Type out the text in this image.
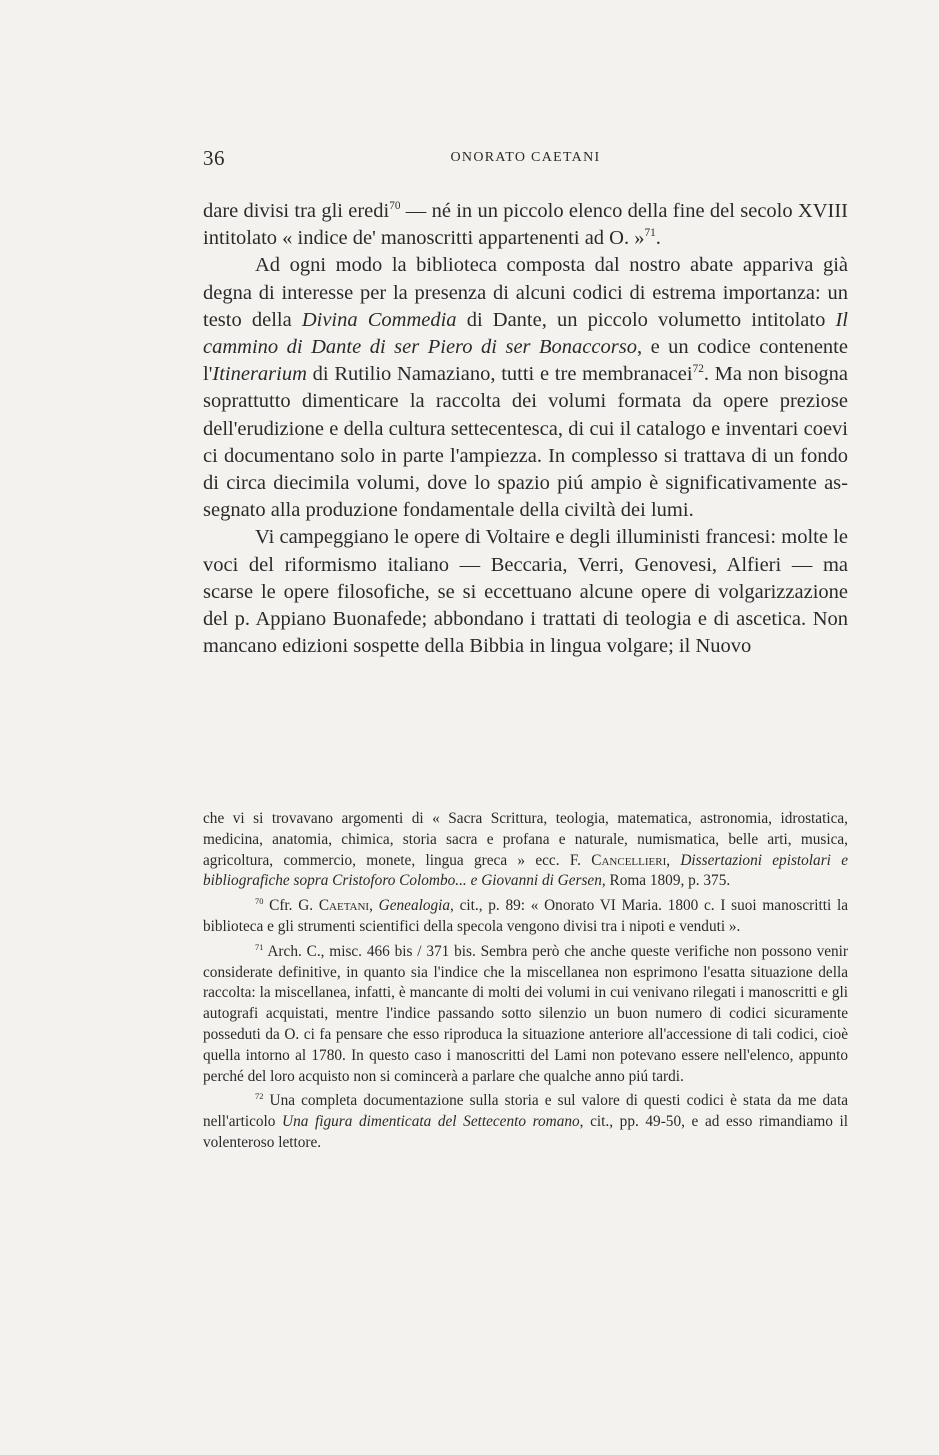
36	ONORATO CAETANI

dare divisi tra gli eredi$^{70}$ — né in un piccolo elenco della fine del secolo XVIII intitolato « indice de' manoscritti appartenenti ad O. »$^{71}$.

Ad ogni modo la biblioteca composta dal nostro abate appariva già degna di interesse per la presenza di alcuni codici di estrema importanza: un testo della Divina Commedia di Dante, un piccolo volumetto intitolato Il cammino di Dante di ser Piero di ser Bonaccorso, e un codice contenente l'Itinerarium di Rutilio Namaziano, tutti e tre membranacei$^{72}$. Ma non bisogna soprattutto dimenticare la raccolta dei volumi formata da opere preziose dell'erudizione e della cultura settecentesca, di cui il catalogo e inventari coevi ci documentano solo in parte l'ampiezza. In complesso si trattava di un fondo di circa diecimila volumi, dove lo spazio piú ampio è significativamente assegnato alla produzione fondamentale della civiltà dei lumi.

Vi campeggiano le opere di Voltaire e degli illuministi francesi: molte le voci del riformismo italiano — Beccaria, Verri, Genovesi, Alfieri — ma scarse le opere filosofiche, se si eccettuano alcune opere di volgarizzazione del p. Appiano Buonafede; abbondano i trattati di teologia e di ascetica. Non mancano edizioni sospette della Bibbia in lingua volgare; il Nuovo

che vi si trovavano argomenti di « Sacra Scrittura, teologia, matematica, astronomia, idrostatica, medicina, anatomia, chimica, storia sacra e profana e naturale, numismatica, belle arti, musica, agricoltura, commercio, monete, lingua greca » ecc. F. Cancellieri, Dissertazioni epistolari e bibliografiche sopra Cristoforo Colombo... e Giovanni di Gersen, Roma 1809, p. 375.

$^{70}$ Cfr. G. Caetani, Genealogia, cit., p. 89: « Onorato VI Maria. 1800 c. I suoi manoscritti la biblioteca e gli strumenti scientifici della specola vengono divisi tra i nipoti e venduti ».

$^{71}$ Arch. C., misc. 466 bis / 371 bis. Sembra però che anche queste verifiche non possono venir considerate definitive, in quanto sia l'indice che la miscellanea non esprimono l'esatta situazione della raccolta: la miscellanea, infatti, è mancante di molti dei volumi in cui venivano rilegati i manoscritti e gli autografi acquistati, mentre l'indice passando sotto silenzio un buon numero di codici sicuramente posseduti da O. ci fa pensare che esso riproduca la situazione anteriore all'accessione di tali codici, cioè quella intorno al 1780. In questo caso i manoscritti del Lami non potevano essere nell'elenco, appunto perché del loro acquisto non si comincerà a parlare che qualche anno piú tardi.

$^{72}$ Una completa documentazione sulla storia e sul valore di questi codici è stata da me data nell'articolo Una figura dimenticata del Settecento romano, cit., pp. 49-50, e ad esso rimandiamo il volenteroso lettore.
